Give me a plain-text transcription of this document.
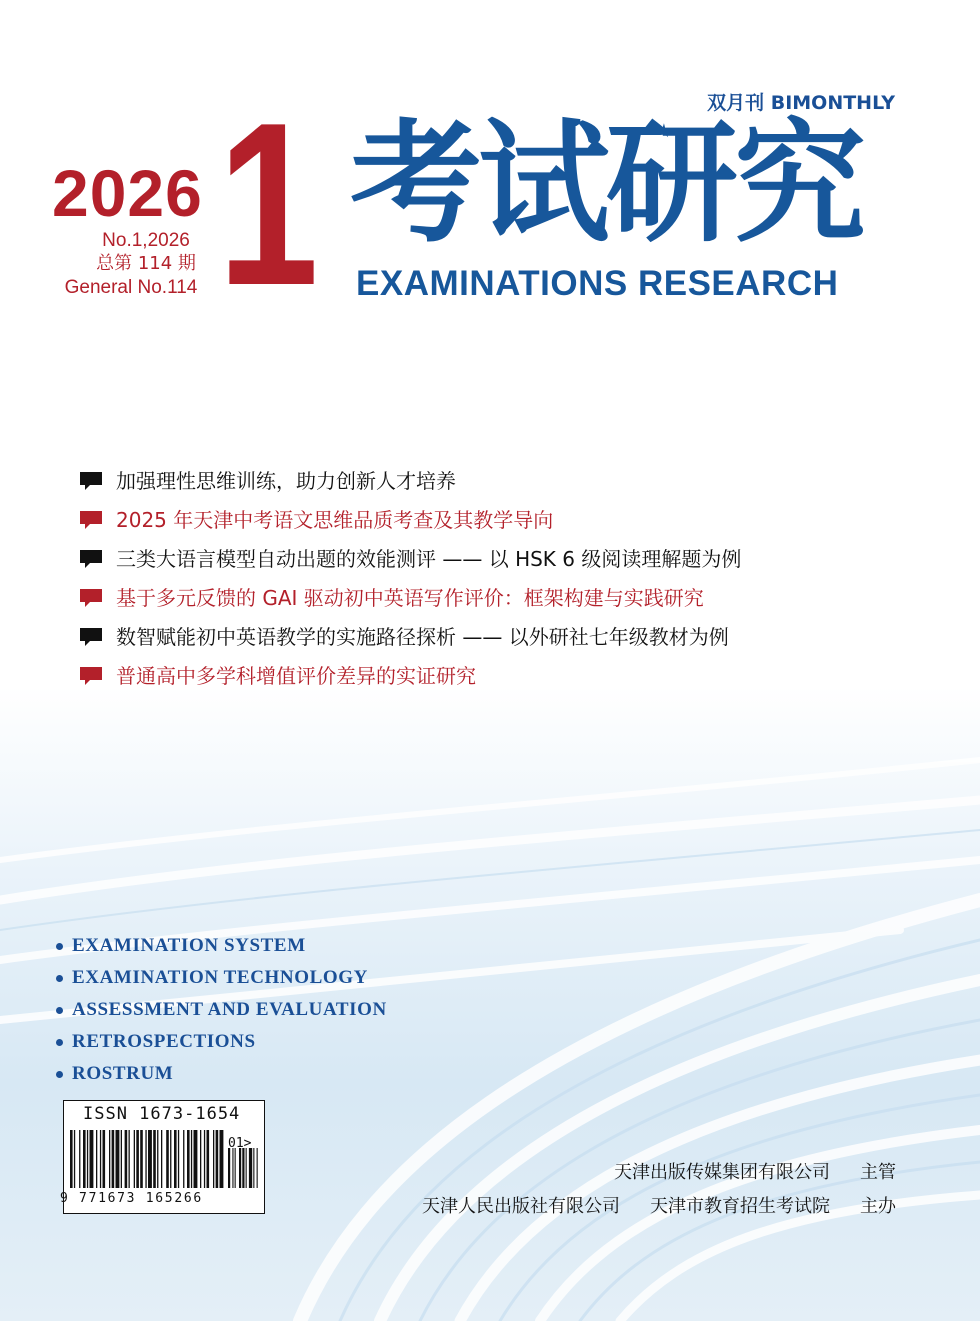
双月刊 BIMONTHLY
2026
No.1,2026
总第 114 期
General No.114 1 考试研究
EXAMINATIONS RESEARCH
加强理性思维训练，助力创新人才培养
2025 年天津中考语文思维品质考查及其教学导向
三类大语言模型自动出题的效能测评 —— 以 HSK 6 级阅读理解题为例
基于多元反馈的 GAI 驱动初中英语写作评价：框架构建与实践研究
数智赋能初中英语教学的实施路径探析 —— 以外研社七年级教材为例
普通高中多学科增值评价差异的实证研究
EXAMINATION SYSTEM
EXAMINATION TECHNOLOGY
ASSESSMENT AND EVALUATION
RETROSPECTIONS
ROSTRUM
ISSN 1673-1654
01>
9 771673 165266
天津出版传媒集团有限公司 主管
天津人民出版社有限公司 天津市教育招生考试院 主办
